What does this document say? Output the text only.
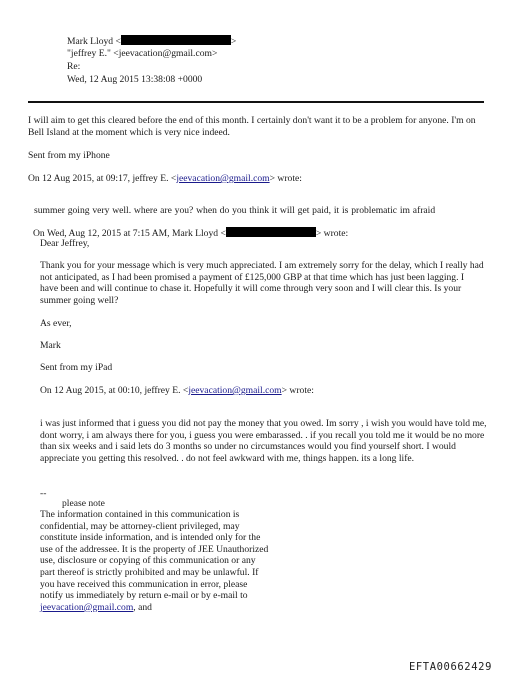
Mark Lloyd <	>
"jeffrey E." <jeevacation@gmail.com>
Re:
Wed, 12 Aug 2015 13:38:08 +0000
I will aim to get this cleared before the end of this month. I certainly don't want it to be a problem for anyone. I'm on Bell Island at the moment which is very nice indeed.
Sent from my iPhone
On 12 Aug 2015, at 09:17, jeffrey E. <jeevacation@gmail.com> wrote:
summer going very well. where are you? when do you think it will get paid, it is problematic im afraid
On Wed, Aug 12, 2015 at 7:15 AM, Mark Lloyd <	> wrote:
Dear Jeffrey,
Thank you for your message which is very much appreciated. I am extremely sorry for the delay, which I really had not anticipated, as I had been promised a payment of £125,000 GBP at that time which has just been lagging. I have been and will continue to chase it. Hopefully it will come through very soon and I will clear this. Is your summer going well?
As ever,
Mark
Sent from my iPad
On 12 Aug 2015, at 00:10, jeffrey E. <jeevacation@gmail.com> wrote:
i was just informed that i guess you did not pay the money that you owed. Im sorry , i wish you would have told me, dont worry, i am always there for you, i guess you were embarassed. . if you recall you told me it would be no more than six weeks and i said lets do 3 months so under no circumstances would you find yourself short. I would appreciate you getting this resolved. . do not feel awkward with me, things happen. its a long life.
--
please note
The information contained in this communication is confidential, may be attorney-client privileged, may constitute inside information, and is intended only for the use of the addressee. It is the property of JEE Unauthorized use, disclosure or copying of this communication or any part thereof is strictly prohibited and may be unlawful. If you have received this communication in error, please notify us immediately by return e-mail or by e-mail to jeevacation@gmail.com, and
EFTA00662429
